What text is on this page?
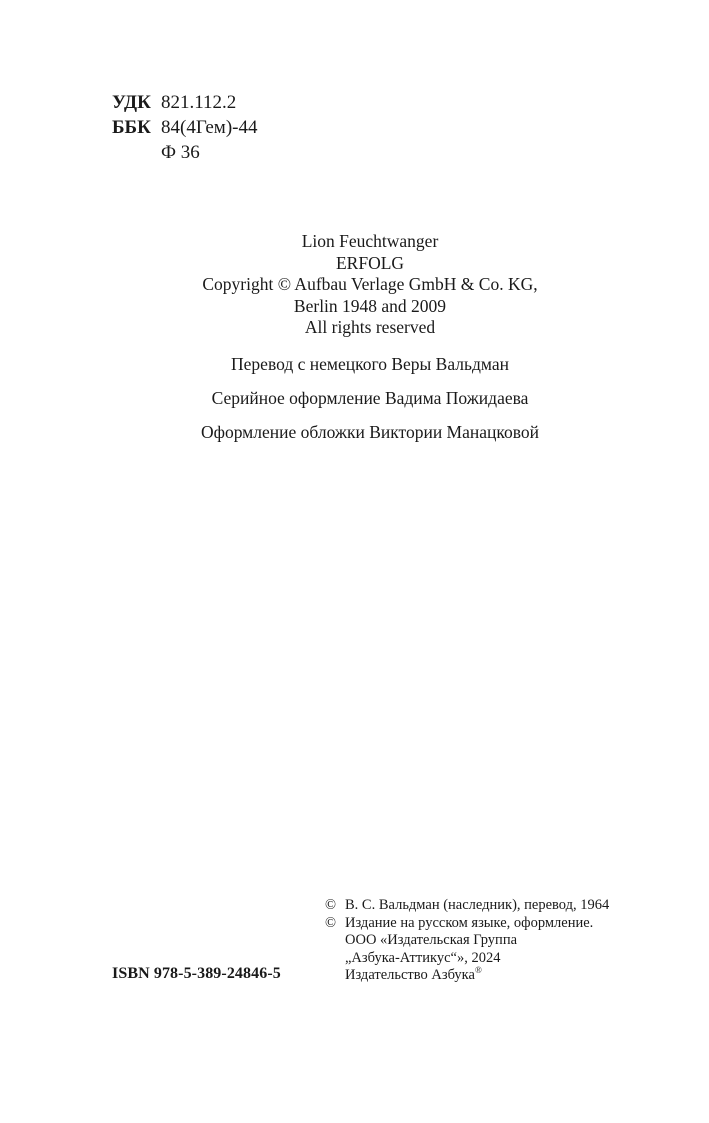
УДК 821.112.2
ББК 84(4Гем)-44
Ф 36
Lion Feuchtwanger
ERFOLG
Copyright © Aufbau Verlage GmbH & Co. KG,
Berlin 1948 and 2009
All rights reserved
Перевод с немецкого Веры Вальдман
Серийное оформление Вадима Пожидаева
Оформление обложки Виктории Манацковой
ISBN 978-5-389-24846-5
© В. С. Вальдман (наследник), перевод, 1964
© Издание на русском языке, оформление.
ООО «Издательская Группа
„Азбука-Аттикус“», 2024
Издательство Азбука®
